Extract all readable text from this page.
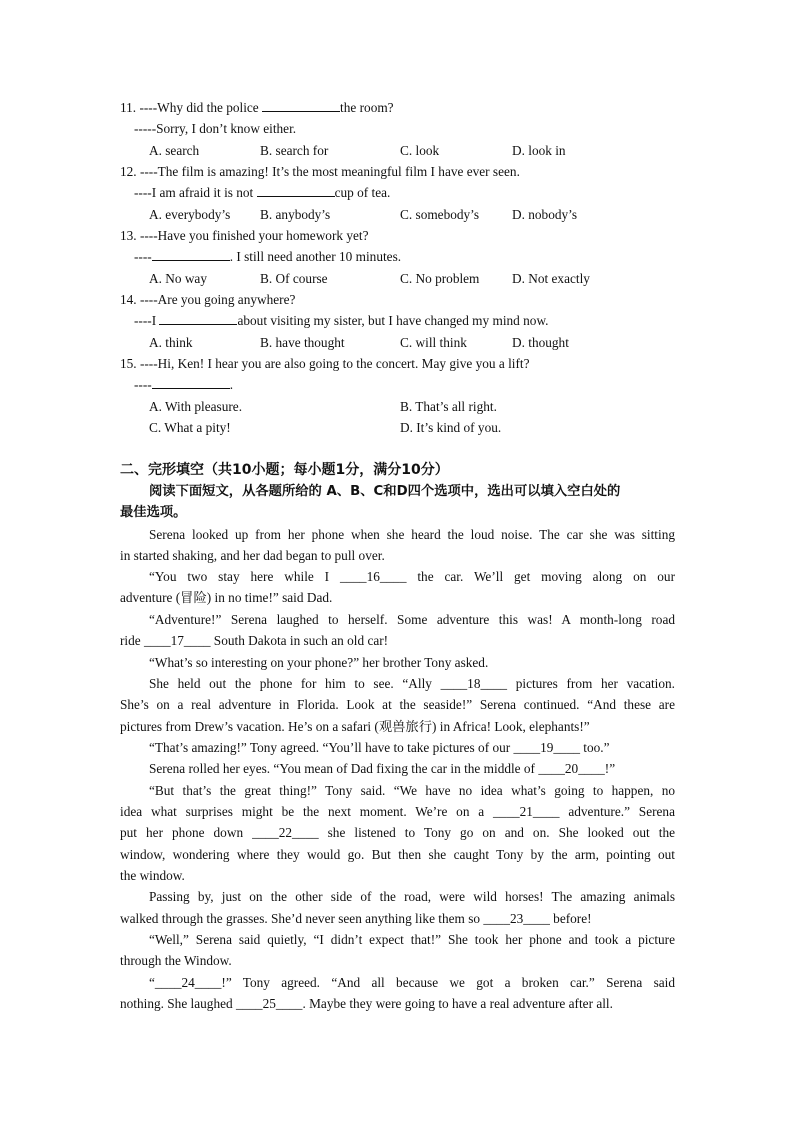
11. ----Why did the police	the room?
-----Sorry, I don’t know either.
A. search	B. search for	C. look	D. look in
12. ----The film is amazing! It’s the most meaningful film I have ever seen.
----I am afraid it is not	cup of tea.
A. everybody’s B. anybody’s	C. somebody’s D. nobody’s
13. ----Have you finished your homework yet?
----	. I still need another 10 minutes.
A. No way	B. Of course	C. No problem D. Not exactly
14. ----Are you going anywhere?
----I	about visiting my sister, but I have changed my mind now.
A. think	B. have thought	C. will think	D. thought
15. ----Hi, Ken! I hear you are also going to the concert. May give you a lift?
----	.
A. With pleasure.	B. That’s all right.
C. What a pity!	D. It’s kind of you.
二、完形填空（共10小题；每小题1分，满分10分）
阅读下面短文，从各题所给的 A、B、C和D四个选项中，选出可以填入空白处的
最佳选项。
Serena looked up from her phone when she heard the loud noise. The car she was sitting
in started shaking, and her dad began to pull over.
“You two stay here while I ____16____ the car. We’ll get moving along on our
adventure (冒险) in no time!” said Dad.
“Adventure!” Serena laughed to herself. Some adventure this was! A month-long road
ride ____17____ South Dakota in such an old car!
“What’s so interesting on your phone?” her brother Tony asked.
She held out the phone for him to see. “Ally ____18____ pictures from her vacation.
She’s on a real adventure in Florida. Look at the seaside!” Serena continued. “And these are
pictures from Drew’s vacation. He’s on a safari (观兽旅行) in Africa! Look, elephants!”
“That’s amazing!” Tony agreed. “You’ll have to take pictures of our ____19____ too.”
Serena rolled her eyes. “You mean of Dad fixing the car in the middle of ____20____!”
“But that’s the great thing!” Tony said. “We have no idea what’s going to happen, no
idea what surprises might be the next moment. We’re on a ____21____ adventure.” Serena
put her phone down ____22____ she listened to Tony go on and on. She looked out the
window, wondering where they would go. But then she caught Tony by the arm, pointing out
the window.
Passing by, just on the other side of the road, were wild horses! The amazing animals
walked through the grasses. She’d never seen anything like them so ____23____ before!
“Well,” Serena said quietly, “I didn’t expect that!” She took her phone and took a picture
through the Window.
“____24____!” Tony agreed. “And all because we got a broken car.” Serena said
nothing. She laughed ____25____. Maybe they were going to have a real adventure after all.
